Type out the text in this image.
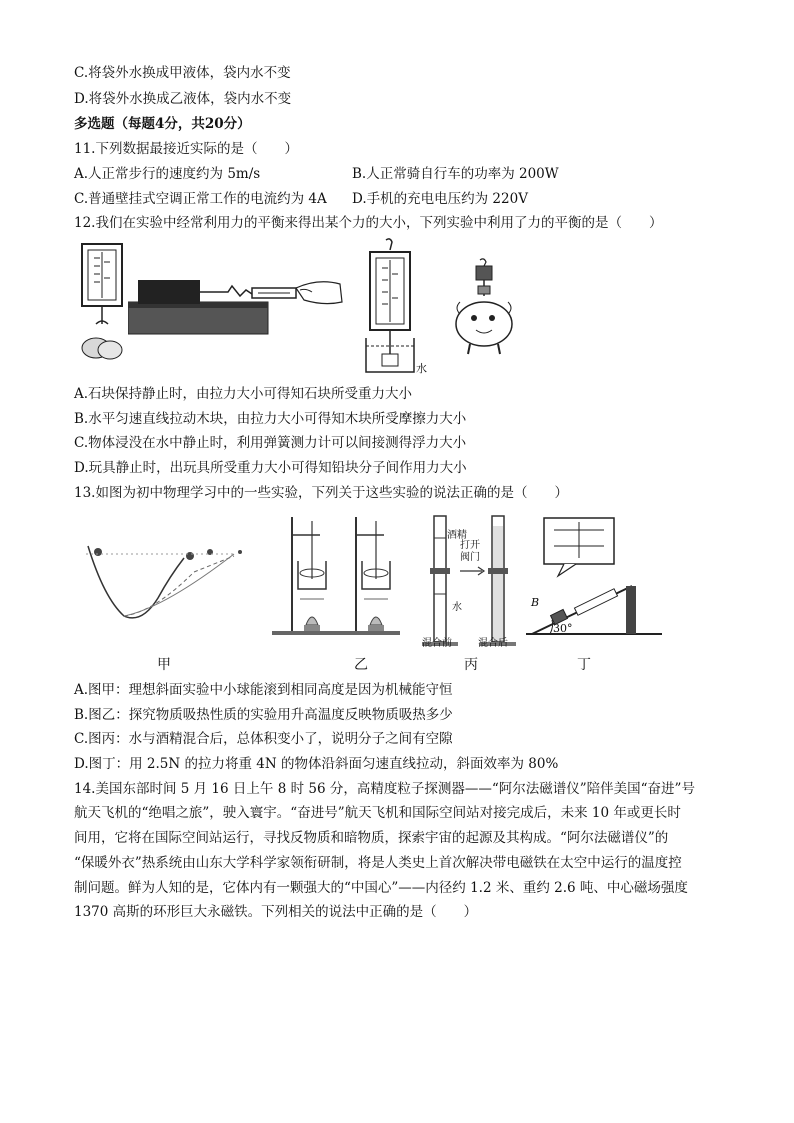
C.将袋外水换成甲液体，袋内水不变
D.将袋外水换成乙液体，袋内水不变
多选题（每题4分，共20分）
11.下列数据最接近实际的是（　　）
A.人正常步行的速度约为 5m/s	B.人正常骑自行车的功率为 200W
C.普通壁挂式空调正常工作的电流约为 4A D.手机的充电电压约为 220V
12.我们在实验中经常利用力的平衡来得出某个力的大小，下列实验中利用了力的平衡的是（　　）
水
A.石块保持静止时，由拉力大小可得知石块所受重力大小
B.水平匀速直线拉动木块，由拉力大小可得知木块所受摩擦力大小
C.物体浸没在水中静止时，利用弹簧测力计可以间接测得浮力大小
D.玩具静止时，出玩具所受重力大小可得知铅块分子间作用力大小
13.如图为初中物理学习中的一些实验，下列关于这些实验的说法正确的是（　　）
酒精
水
打开阀门
混合前	混合后
B
30°
甲	乙	丙	丁
A.图甲：理想斜面实验中小球能滚到相同高度是因为机械能守恒
B.图乙：探究物质吸热性质的实验用升高温度反映物质吸热多少
C.图丙：水与酒精混合后，总体积变小了，说明分子之间有空隙
D.图丁：用 2.5N 的拉力将重 4N 的物体沿斜面匀速直线拉动，斜面效率为 80%
14.美国东部时间 5 月 16 日上午 8 时 56 分，高精度粒子探测器——“阿尔法磁谱仪”陪伴美国“奋进”号
航天飞机的“绝唱之旅”，驶入寰宇。“奋进号”航天飞机和国际空间站对接完成后，未来 10 年或更长时
间用，它将在国际空间站运行，寻找反物质和暗物质，探索宇宙的起源及其构成。“阿尔法磁谱仪”的
“保暖外衣”热系统由山东大学科学家领衔研制，将是人类史上首次解决带电磁铁在太空中运行的温度控
制问题。鲜为人知的是，它体内有一颗强大的“中国心”——内径约 1.2 米、重约 2.6 吨、中心磁场强度
1370 高斯的环形巨大永磁铁。下列相关的说法中正确的是（　　）
